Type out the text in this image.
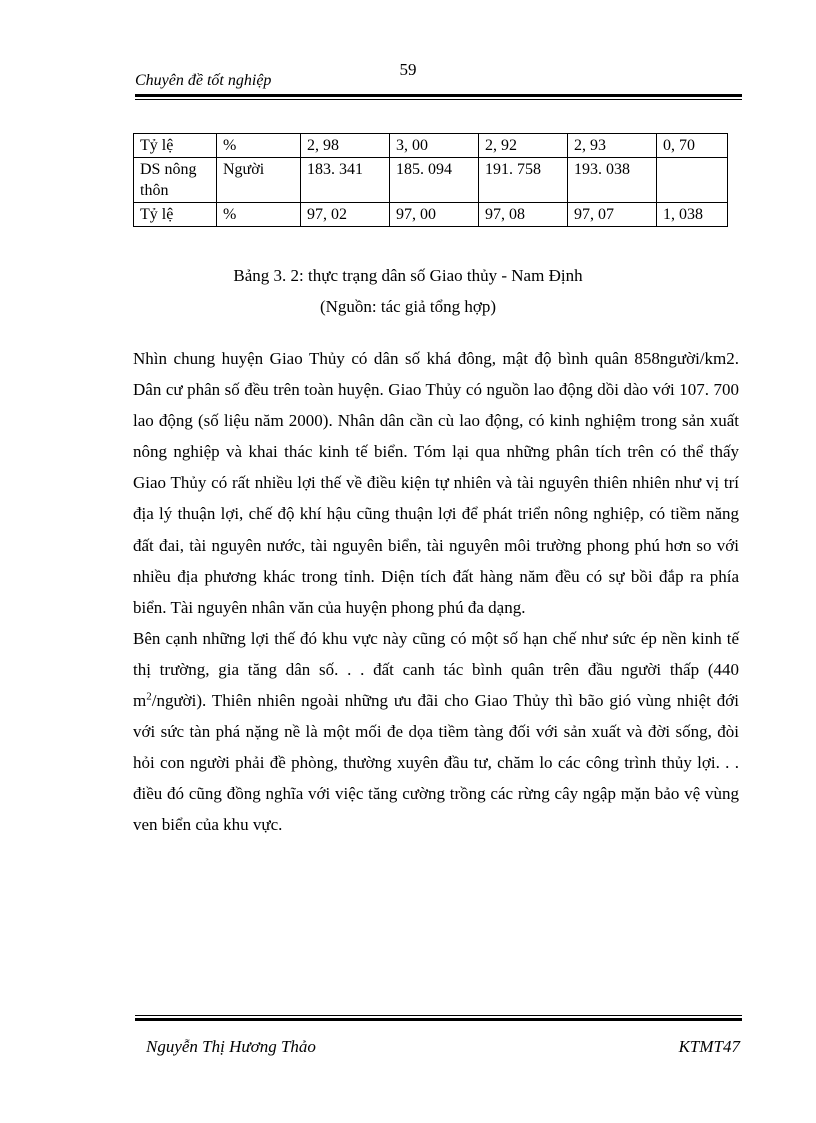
59
Chuyên đề tốt nghiệp
Tỷ lệ	%	2, 98	3, 00	2, 92	2, 93	0, 70
DS nông thôn	Người	183. 341	185. 094	191. 758	193. 038	
Tỷ lệ	%	97, 02	97, 00	97, 08	97, 07	1, 038
Bảng 3. 2: thực trạng dân số Giao thủy - Nam Định
(Nguồn: tác giả tổng hợp)

Nhìn chung huyện Giao Thủy có dân số khá đông, mật độ bình quân 858người/km2. Dân cư phân số đều trên toàn huyện. Giao Thủy có nguồn lao động dồi dào với 107. 700 lao động (số liệu năm 2000). Nhân dân cần cù lao động, có kinh nghiệm trong sản xuất nông nghiệp và khai thác kinh tế biển. Tóm lại qua những phân tích trên có thể thấy Giao Thủy có rất nhiều lợi thế về điều kiện tự nhiên và tài nguyên thiên nhiên như vị trí địa lý thuận lợi, chế độ khí hậu cũng thuận lợi để phát triển nông nghiệp, có tiềm năng đất đai, tài nguyên nước, tài nguyên biển, tài nguyên môi trường phong phú hơn so với nhiều địa phương khác trong tỉnh. Diện tích đất hàng năm đều có sự bồi đắp ra phía biển. Tài nguyên nhân văn của huyện phong phú đa dạng.

Bên cạnh những lợi thế đó khu vực này cũng có một số hạn chế như sức ép nền kinh tế thị trường, gia tăng dân số. . . đất canh tác bình quân trên đầu người thấp (440 $m^2/người$). Thiên nhiên ngoài những ưu đãi cho Giao Thủy thì bão gió vùng nhiệt đới với sức tàn phá nặng nề là một mối đe dọa tiềm tàng đối với sản xuất và đời sống, đòi hỏi con người phải đề phòng, thường xuyên đầu tư, chăm lo các công trình thủy lợi. . . điều đó cũng đồng nghĩa với việc tăng cường trồng các rừng cây ngập mặn bảo vệ vùng ven biển của khu vực.

Nguyễn Thị Hương Thảo	KTMT47
